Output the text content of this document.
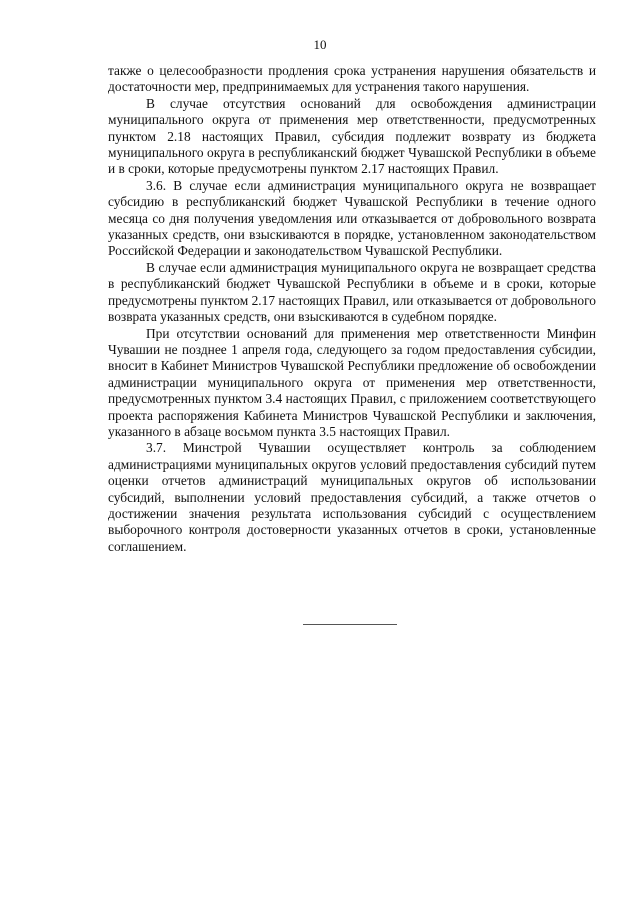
10

также о целесообразности продления срока устранения нарушения обязательств и достаточности мер, предпринимаемых для устранения такого нарушения.

В случае отсутствия оснований для освобождения администрации муниципального округа от применения мер ответственности, предусмотренных пунктом 2.18 настоящих Правил, субсидия подлежит возврату из бюджета муниципального округа в республиканский бюджет Чувашской Республики в объеме и в сроки, которые предусмотрены пунктом 2.17 настоящих Правил.

3.6. В случае если администрация муниципального округа не возвращает субсидию в республиканский бюджет Чувашской Республики в течение одного месяца со дня получения уведомления или отказывается от добровольного возврата указанных средств, они взыскиваются в порядке, установленном законодательством Российской Федерации и законодательством Чувашской Республики.

В случае если администрация муниципального округа не возвращает средства в республиканский бюджет Чувашской Республики в объеме и в сроки, которые предусмотрены пунктом 2.17 настоящих Правил, или отказывается от добровольного возврата указанных средств, они взыскиваются в судебном порядке.

При отсутствии оснований для применения мер ответственности Минфин Чувашии не позднее 1 апреля года, следующего за годом предоставления субсидии, вносит в Кабинет Министров Чувашской Республики предложение об освобождении администрации муниципального округа от применения мер ответственности, предусмотренных пунктом 3.4 настоящих Правил, с приложением соответствующего проекта распоряжения Кабинета Министров Чувашской Республики и заключения, указанного в абзаце восьмом пункта 3.5 настоящих Правил.

3.7. Минстрой Чувашии осуществляет контроль за соблюдением администрациями муниципальных округов условий предоставления субсидий путем оценки отчетов администраций муниципальных округов об использовании субсидий, выполнении условий предоставления субсидий, а также отчетов о достижении значения результата использования субсидий с осуществлением выборочного контроля достоверности указанных отчетов в сроки, установленные соглашением.
